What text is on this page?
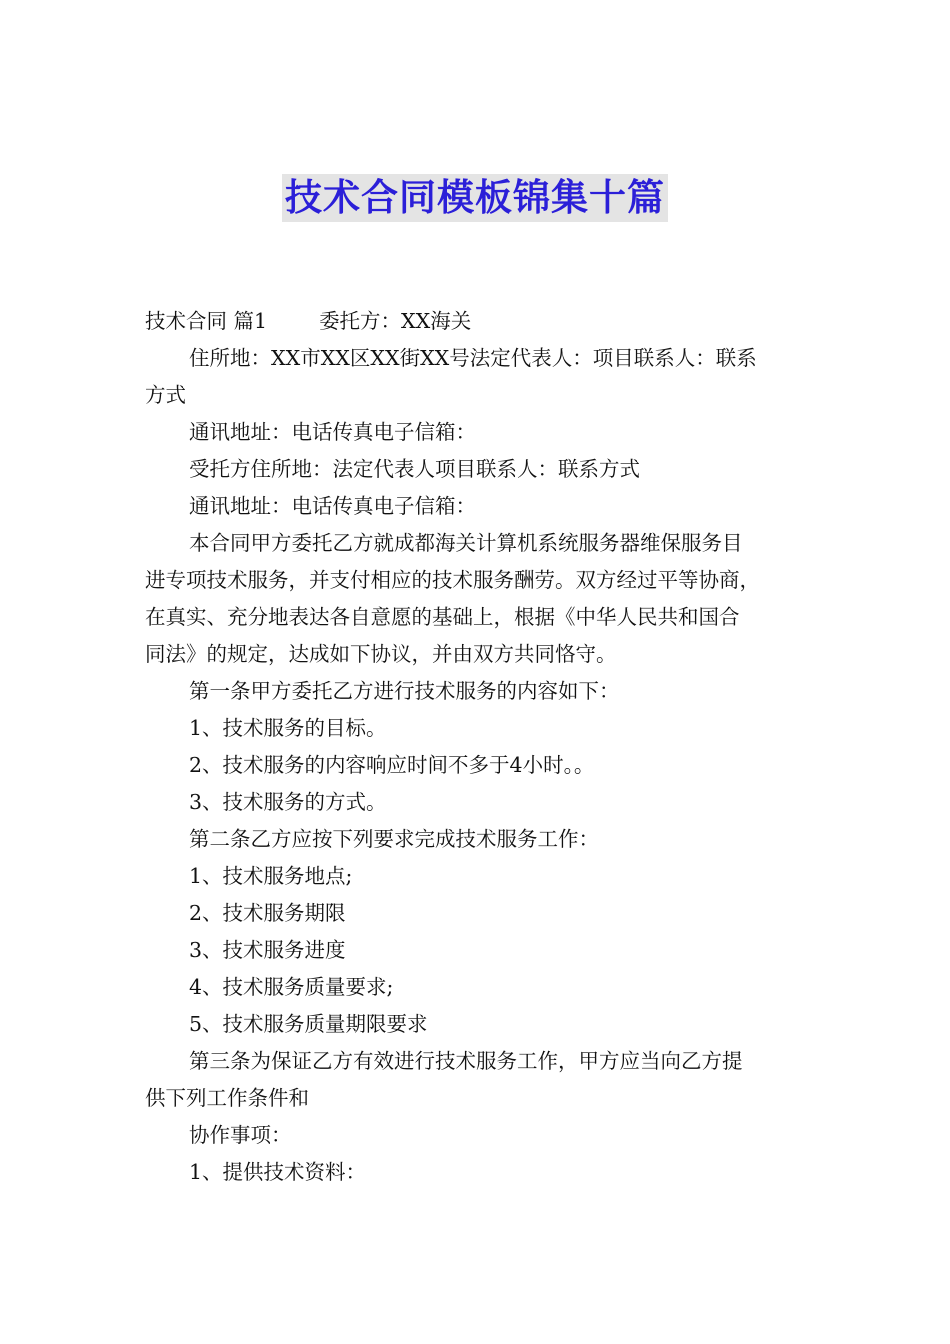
技术合同模板锦集十篇

技术合同 篇1	委托方：XX海关

住所地：XX市XX区XX街XX号法定代表人：项目联系人：联系

方式

通讯地址：电话传真电子信箱：

受托方住所地：法定代表人项目联系人：联系方式

通讯地址：电话传真电子信箱：

本合同甲方委托乙方就成都海关计算机系统服务器维保服务目

进专项技术服务，并支付相应的技术服务酬劳。双方经过平等协商，

在真实、充分地表达各自意愿的基础上，根据《中华人民共和国合

同法》的规定，达成如下协议，并由双方共同恪守。

第一条甲方委托乙方进行技术服务的内容如下：

1、技术服务的目标。

2、技术服务的内容响应时间不多于4小时。。

3、技术服务的方式。

第二条乙方应按下列要求完成技术服务工作：

1、技术服务地点;

2、技术服务期限

3、技术服务进度

4、技术服务质量要求;

5、技术服务质量期限要求

第三条为保证乙方有效进行技术服务工作，甲方应当向乙方提

供下列工作条件和

协作事项：

1、提供技术资料：
